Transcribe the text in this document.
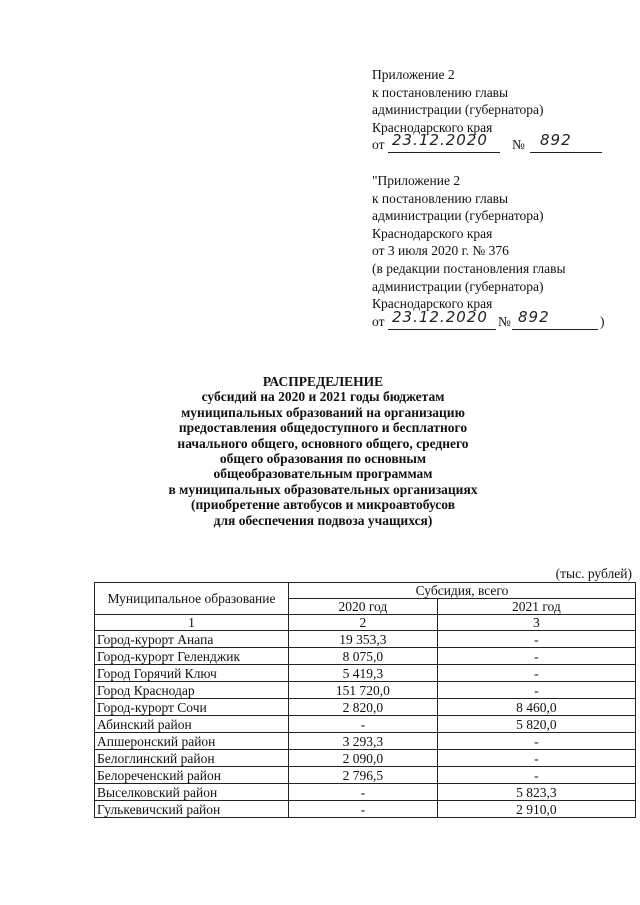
Приложение 2
к постановлению главы
администрации (губернатора)
Краснодарского края
от 23.12.2020 № 892
"Приложение 2
к постановлению главы
администрации (губернатора)
Краснодарского края
от 3 июля 2020 г. № 376
(в редакции постановления главы
администрации (губернатора)
Краснодарского края
от 23.12.2020 № 892	)
РАСПРЕДЕЛЕНИЕ
субсидий на 2020 и 2021 годы бюджетам
муниципальных образований на организацию
предоставления общедоступного и бесплатного
начального общего, основного общего, среднего
общего образования по основным
общеобразовательным программам
в муниципальных образовательных организациях
(приобретение автобусов и микроавтобусов
для обеспечения подвоза учащихся)
(тыс. рублей)
Муниципальное образование	Субсидия, всего	
	2020 год	2021 год
1	2	3
Город-курорт Анапа	19 353,3	-
Город-курорт Геленджик	8 075,0	-
Город Горячий Ключ	5 419,3	-
Город Краснодар	151 720,0	-
Город-курорт Сочи	2 820,0	8 460,0
Абинский район	-	5 820,0
Апшеронский район	3 293,3	-
Белоглинский район	2 090,0	-
Белореченский район	2 796,5	-
Выселковский район	-	5 823,3
Гулькевичский район	-	2 910,0
